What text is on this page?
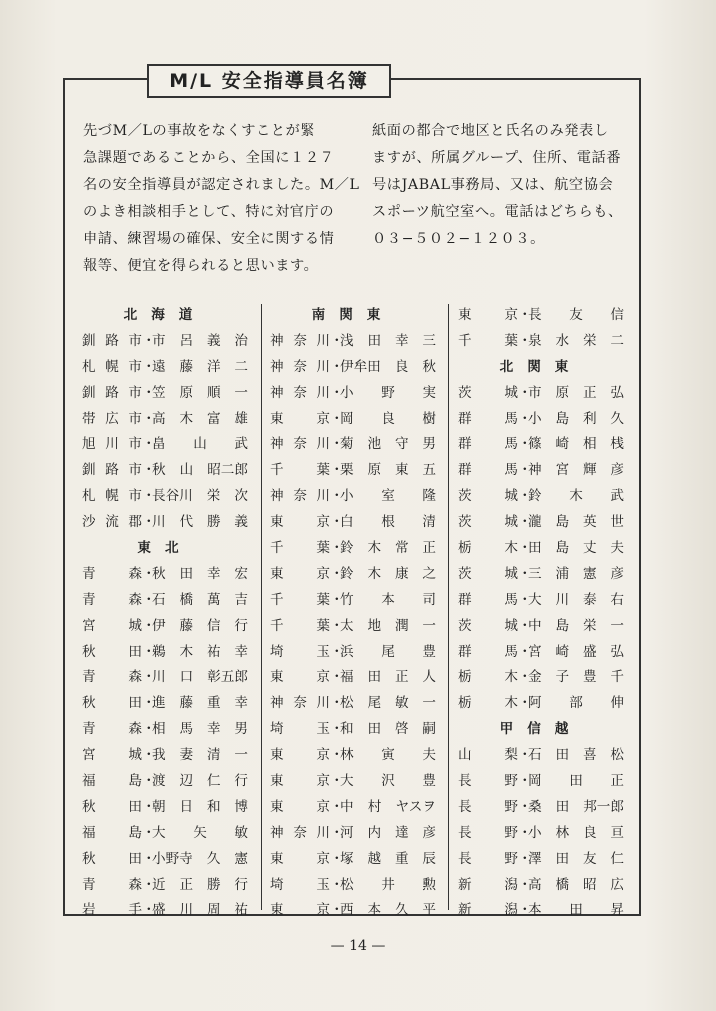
M/L 安全指導員名簿
先づM／Lの事故をなくすことが緊
急課題であることから、全国に１２７
名の安全指導員が認定されました。M／L
のよき相談相手として、特に対官庁の
申請、練習場の確保、安全に関する情
報等、便宜を得られると思います。
紙面の都合で地区と氏名のみ発表し
ますが、所属グループ、住所、電話番
号はJABAL事務局、又は、航空協会
スポーツ航空室へ。電話はどちらも、
０３−５０２−１２０３。
北海道
釧 路 市 ・
市 呂 義 治
札 幌 市 ・
遠 藤 洋 二
釧 路 市 ・
笠 原 順 一
帯 広 市 ・
高 木 富 雄
旭 川 市 ・
畠 山 武
釧 路 市 ・
秋 山 昭二郎
札 幌 市 ・
長谷川 栄 次
沙 流 郡 ・
川 代 勝 義
東北
青 森 ・
秋 田 幸 宏
青 森 ・
石 橋 萬 吉
宮 城 ・
伊 藤 信 行
秋 田 ・
鵜 木 祐 幸
青 森 ・
川 口 彰五郎
秋 田 ・
進 藤 重 幸
青 森 ・
相 馬 幸 男
宮 城 ・
我 妻 清 一
福 島 ・
渡 辺 仁 行
秋 田 ・
朝 日 和 博
福 島 ・
大 矢 敏
秋 田 ・
小野寺 久 憲
青 森 ・
近 正 勝 行
岩 手 ・
盛 川 周 祐
南関東
神 奈 川 ・
浅 田 幸 三
神 奈 川 ・
伊牟田 良 秋
神 奈 川 ・
小 野 実
東 京 ・
岡 良 樹
神 奈 川 ・
菊 池 守 男
千 葉 ・
栗 原 東 五
神 奈 川 ・
小 室 隆
東 京 ・
白 根 清
千 葉 ・
鈴 木 常 正
東 京 ・
鈴 木 康 之
千 葉 ・
竹 本 司
千 葉 ・
太 地 潤 一
埼 玉 ・
浜 尾 豊
東 京 ・
福 田 正 人
神 奈 川 ・
松 尾 敏 一
埼 玉 ・
和 田 啓 嗣
東 京 ・
林 寅 夫
東 京 ・
大 沢 豊
東 京 ・
中 村 ヤスヲ
神 奈 川 ・
河 内 達 彦
東 京 ・
塚 越 重 辰
埼 玉 ・
松 井 勲
東 京 ・
西 本 久 平
東 京 ・
長 友 信
千 葉 ・
泉 水 栄 二
北関東
茨 城 ・
市 原 正 弘
群 馬 ・
小 島 利 久
群 馬 ・
篠 崎 相 桟
群 馬 ・
神 宮 輝 彦
茨 城 ・
鈴 木 武
茨 城 ・
瀧 島 英 世
栃 木 ・
田 島 丈 夫
茨 城 ・
三 浦 憲 彦
群 馬 ・
大 川 泰 右
茨 城 ・
中 島 栄 一
群 馬 ・
宮 崎 盛 弘
栃 木 ・
金 子 豊 千
栃 木 ・
阿 部 伸
甲信越
山 梨 ・
石 田 喜 松
長 野 ・
岡 田 正
長 野 ・
桑 田 邦一郎
長 野 ・
小 林 良 亘
長 野 ・
澤 田 友 仁
新 潟 ・
高 橋 昭 広
新 潟 ・
本 田 昇
— 14 —
